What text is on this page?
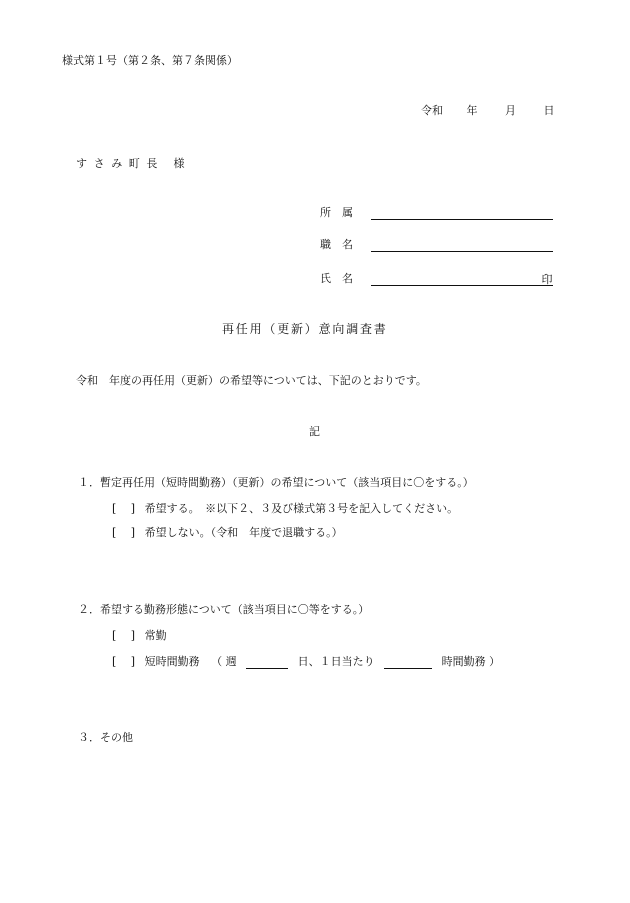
様式第１号（第２条、第７条関係）
令和 年	月	日
すさみ町長 様
所　属
職　名
氏　名	印
再任用（更新）意向調査書
令和　年度の再任用（更新）の希望等については、下記のとおりです。
記
１．暫定再任用（短時間勤務）（更新）の希望について（該当項目に〇をする。）
[　 ] 希望する。　※以下２、３及び様式第３号を記入してください。
[　 ] 希望しない。（令和　年度で退職する。）
２．希望する勤務形態について（該当項目に〇等をする。）
[　 ] 常勤
[　 ] 短時間勤務 （ 週	日、１日当たり	時間勤務 ）
３．その他
